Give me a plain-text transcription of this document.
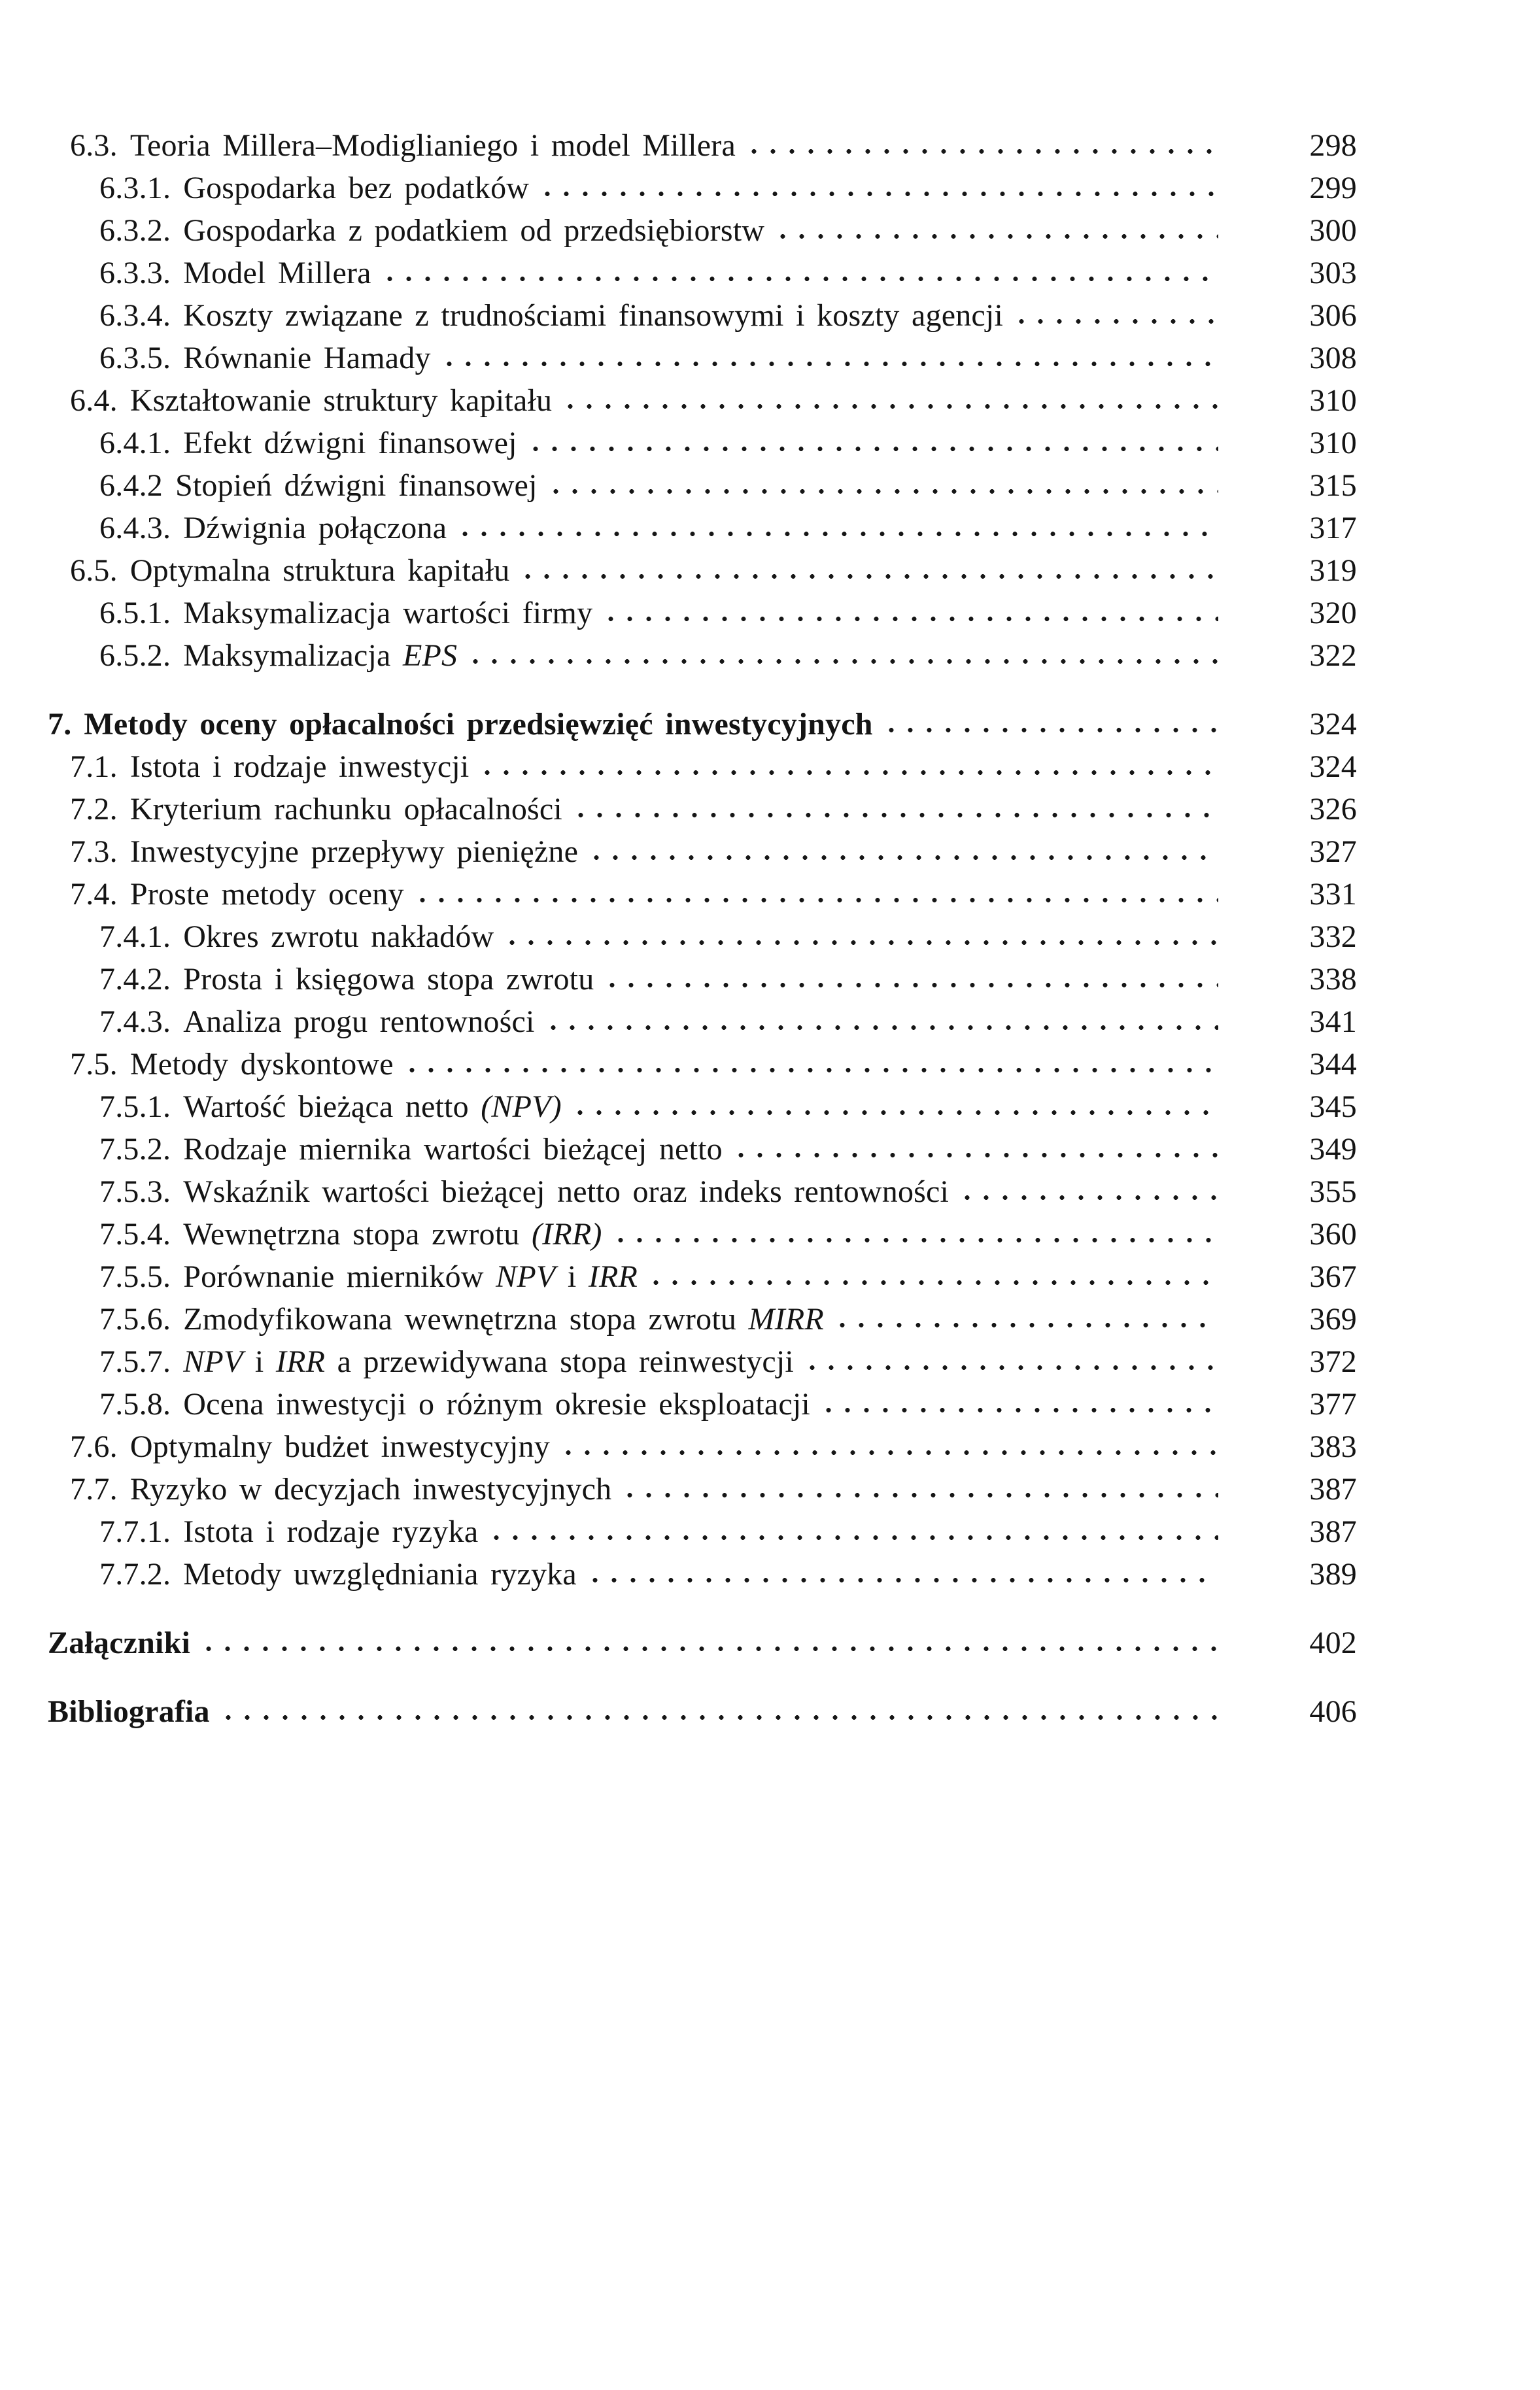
6.3. Teoria Millera–Modiglianiego i model Millera	298
6.3.1. Gospodarka bez podatków	299
6.3.2. Gospodarka z podatkiem od przedsiębiorstw	300
6.3.3. Model Millera	303
6.3.4. Koszty związane z trudnościami finansowymi i koszty agencji	306
6.3.5. Równanie Hamady	308
6.4. Kształtowanie struktury kapitału	310
6.4.1. Efekt dźwigni finansowej	310
6.4.2 Stopień dźwigni finansowej	315
6.4.3. Dźwignia połączona	317
6.5. Optymalna struktura kapitału	319
6.5.1. Maksymalizacja wartości firmy	320
6.5.2. Maksymalizacja EPS	322
7. Metody oceny opłacalności przedsięwzięć inwestycyjnych	324
7.1. Istota i rodzaje inwestycji	324
7.2. Kryterium rachunku opłacalności	326
7.3. Inwestycyjne przepływy pieniężne	327
7.4. Proste metody oceny	331
7.4.1. Okres zwrotu nakładów	332
7.4.2. Prosta i księgowa stopa zwrotu	338
7.4.3. Analiza progu rentowności	341
7.5. Metody dyskontowe	344
7.5.1. Wartość bieżąca netto (NPV)	345
7.5.2. Rodzaje miernika wartości bieżącej netto	349
7.5.3. Wskaźnik wartości bieżącej netto oraz indeks rentowności	355
7.5.4. Wewnętrzna stopa zwrotu (IRR)	360
7.5.5. Porównanie mierników NPV i IRR	367
7.5.6. Zmodyfikowana wewnętrzna stopa zwrotu MIRR	369
7.5.7. NPV i IRR a przewidywana stopa reinwestycji	372
7.5.8. Ocena inwestycji o różnym okresie eksploatacji	377
7.6. Optymalny budżet inwestycyjny	383
7.7. Ryzyko w decyzjach inwestycyjnych	387
7.7.1. Istota i rodzaje ryzyka	387
7.7.2. Metody uwzględniania ryzyka	389
Załączniki	402
Bibliografia	406
